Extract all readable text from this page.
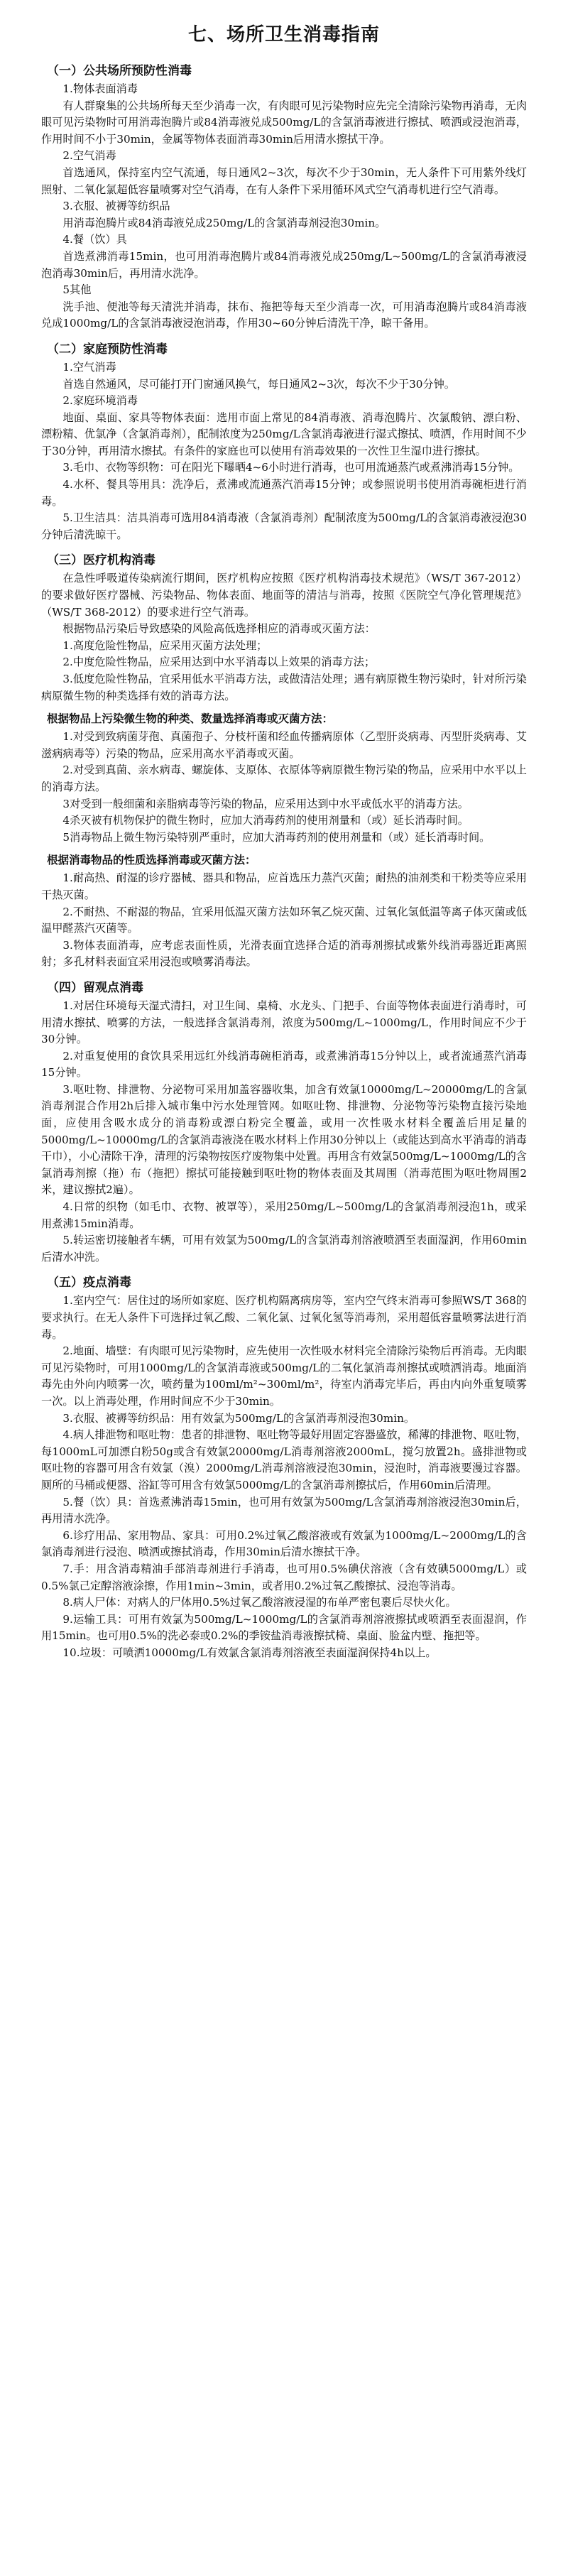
七、场所卫生消毒指南
（一）公共场所预防性消毒

1.物体表面消毒

有人群聚集的公共场所每天至少消毒一次，有肉眼可见污染物时应先完全清除污染物再消毒，无肉眼可见污染物时可用消毒泡腾片或84消毒液兑成500mg/L的含氯消毒液进行擦拭、喷洒或浸泡消毒，作用时间不小于30min，金属等物体表面消毒30min后用清水擦拭干净。

2.空气消毒

首选通风，保持室内空气流通，每日通风2~3次，每次不少于30min，无人条件下可用紫外线灯照射、二氧化氯超低容量喷雾对空气消毒，在有人条件下采用循环风式空气消毒机进行空气消毒。

3.衣服、被褥等纺织品

用消毒泡腾片或84消毒液兑成250mg/L的含氯消毒剂浸泡30min。

4.餐（饮）具

首选煮沸消毒15min，也可用消毒泡腾片或84消毒液兑成250mg/L~500mg/L的含氯消毒液浸泡消毒30min后，再用清水洗净。

5其他

洗手池、便池等每天清洗并消毒，抹布、拖把等每天至少消毒一次，可用消毒泡腾片或84消毒液兑成1000mg/L的含氯消毒液浸泡消毒，作用30~60分钟后清洗干净，晾干备用。

（二）家庭预防性消毒

1.空气消毒

首选自然通风，尽可能打开门窗通风换气，每日通风2~3次，每次不少于30分钟。

2.家庭环境消毒

地面、桌面、家具等物体表面：选用市面上常见的84消毒液、消毒泡腾片、次氯酸钠、漂白粉、漂粉精、优氯净（含氯消毒剂），配制浓度为250mg/L含氯消毒液进行湿式擦拭、喷洒，作用时间不少于30分钟，再用清水擦拭。有条件的家庭也可以使用有消毒效果的一次性卫生湿巾进行擦拭。

3.毛巾、衣物等织物：可在阳光下曝晒4~6小时进行消毒，也可用流通蒸汽或煮沸消毒15分钟。

4.水杯、餐具等用具：洗净后，煮沸或流通蒸汽消毒15分钟；或参照说明书使用消毒碗柜进行消毒。

5.卫生洁具：洁具消毒可选用84消毒液（含氯消毒剂）配制浓度为500mg/L的含氯消毒液浸泡30分钟后清洗晾干。

（三）医疗机构消毒

在急性呼吸道传染病流行期间，医疗机构应按照《医疗机构消毒技术规范》（WS/T 367-2012）的要求做好医疗器械、污染物品、物体表面、地面等的清洁与消毒，按照《医院空气净化管理规范》（WS/T 368-2012）的要求进行空气消毒。

根据物品污染后导致感染的风险高低选择相应的消毒或灭菌方法：

1.高度危险性物品，应采用灭菌方法处理；

2.中度危险性物品，应采用达到中水平消毒以上效果的消毒方法；

3.低度危险性物品，宜采用低水平消毒方法，或做清洁处理；遇有病原微生物污染时，针对所污染病原微生物的种类选择有效的消毒方法。

根据物品上污染微生物的种类、数量选择消毒或灭菌方法：

1.对受到致病菌芽孢、真菌孢子、分枝杆菌和经血传播病原体（乙型肝炎病毒、丙型肝炎病毒、艾滋病病毒等）污染的物品，应采用高水平消毒或灭菌。

2.对受到真菌、亲水病毒、螺旋体、支原体、衣原体等病原微生物污染的物品，应采用中水平以上的消毒方法。

3对受到一般细菌和亲脂病毒等污染的物品，应采用达到中水平或低水平的消毒方法。

4杀灭被有机物保护的微生物时，应加大消毒药剂的使用剂量和（或）延长消毒时间。

5消毒物品上微生物污染特别严重时，应加大消毒药剂的使用剂量和（或）延长消毒时间。

根据消毒物品的性质选择消毒或灭菌方法：

1.耐高热、耐湿的诊疗器械、器具和物品，应首选压力蒸汽灭菌；耐热的油剂类和干粉类等应采用干热灭菌。

2.不耐热、不耐湿的物品，宜采用低温灭菌方法如环氧乙烷灭菌、过氧化氢低温等离子体灭菌或低温甲醛蒸汽灭菌等。

3.物体表面消毒，应考虑表面性质，光滑表面宜选择合适的消毒剂擦拭或紫外线消毒器近距离照射；多孔材料表面宜采用浸泡或喷雾消毒法。

（四）留观点消毒

1.对居住环境每天湿式清扫，对卫生间、桌椅、水龙头、门把手、台面等物体表面进行消毒时，可用清水擦拭、喷雾的方法，一般选择含氯消毒剂，浓度为500mg/L~1000mg/L，作用时间应不少于30分钟。

2.对重复使用的食饮具采用远红外线消毒碗柜消毒，或煮沸消毒15分钟以上，或者流通蒸汽消毒15分钟。

3.呕吐物、排泄物、分泌物可采用加盖容器收集，加含有效氯10000mg/L~20000mg/L的含氯消毒剂混合作用2h后排入城市集中污水处理管网。如呕吐物、排泄物、分泌物等污染物直接污染地面，应使用含吸水成分的消毒粉或漂白粉完全覆盖，或用一次性吸水材料全覆盖后用足量的5000mg/L~10000mg/L的含氯消毒液浇在吸水材料上作用30分钟以上（或能达到高水平消毒的消毒干巾），小心清除干净，清理的污染物按医疗废物集中处置。再用含有效氯500mg/L~1000mg/L的含氯消毒剂擦（拖）布（拖把）擦拭可能接触到呕吐物的物体表面及其周围（消毒范围为呕吐物周围2米，建议擦拭2遍）。

4.日常的织物（如毛巾、衣物、被罩等），采用250mg/L~500mg/L的含氯消毒剂浸泡1h，或采用煮沸15min消毒。

5.转运密切接触者车辆，可用有效氯为500mg/L的含氯消毒剂溶液喷洒至表面湿润，作用60min后清水冲洗。

（五）疫点消毒

1.室内空气：居住过的场所如家庭、医疗机构隔离病房等，室内空气终末消毒可参照WS/T 368的要求执行。在无人条件下可选择过氧乙酸、二氧化氯、过氧化氢等消毒剂，采用超低容量喷雾法进行消毒。

2.地面、墙壁：有肉眼可见污染物时，应先使用一次性吸水材料完全清除污染物后再消毒。无肉眼可见污染物时，可用1000mg/L的含氯消毒液或500mg/L的二氧化氯消毒剂擦拭或喷洒消毒。地面消毒先由外向内喷雾一次，喷药量为100ml/m²~300ml/m²，待室内消毒完毕后，再由内向外重复喷雾一次。以上消毒处理，作用时间应不少于30min。

3.衣服、被褥等纺织品：用有效氯为500mg/L的含氯消毒剂浸泡30min。

4.病人排泄物和呕吐物：患者的排泄物、呕吐物等最好用固定容器盛放，稀薄的排泄物、呕吐物，每1000mL可加漂白粉50g或含有效氯20000mg/L消毒剂溶液2000mL，搅匀放置2h。盛排泄物或呕吐物的容器可用含有效氯（溴）2000mg/L消毒剂溶液浸泡30min，浸泡时，消毒液要漫过容器。厕所的马桶或便器、浴缸等可用含有效氯5000mg/L的含氯消毒剂擦拭后，作用60min后清理。

5.餐（饮）具：首选煮沸消毒15min，也可用有效氯为500mg/L含氯消毒剂溶液浸泡30min后，再用清水洗净。

6.诊疗用品、家用物品、家具：可用0.2%过氧乙酸溶液或有效氯为1000mg/L~2000mg/L的含氯消毒剂进行浸泡、喷洒或擦拭消毒，作用30min后清水擦拭干净。

7.手：用含消毒精油手部消毒剂进行手消毒，也可用0.5%碘伏溶液（含有效碘5000mg/L）或0.5%氯己定醇溶液涂擦，作用1min~3min，或者用0.2%过氧乙酸擦拭、浸泡等消毒。

8.病人尸体：对病人的尸体用0.5%过氧乙酸溶液浸湿的布单严密包裹后尽快火化。

9.运输工具：可用有效氯为500mg/L~1000mg/L的含氯消毒剂溶液擦拭或喷洒至表面湿润，作用15min。也可用0.5%的洗必泰或0.2%的季铵盐消毒液擦拭椅、桌面、脸盆内壁、拖把等。

10.垃圾：可喷洒10000mg/L有效氯含氯消毒剂溶液至表面湿润保持4h以上。
